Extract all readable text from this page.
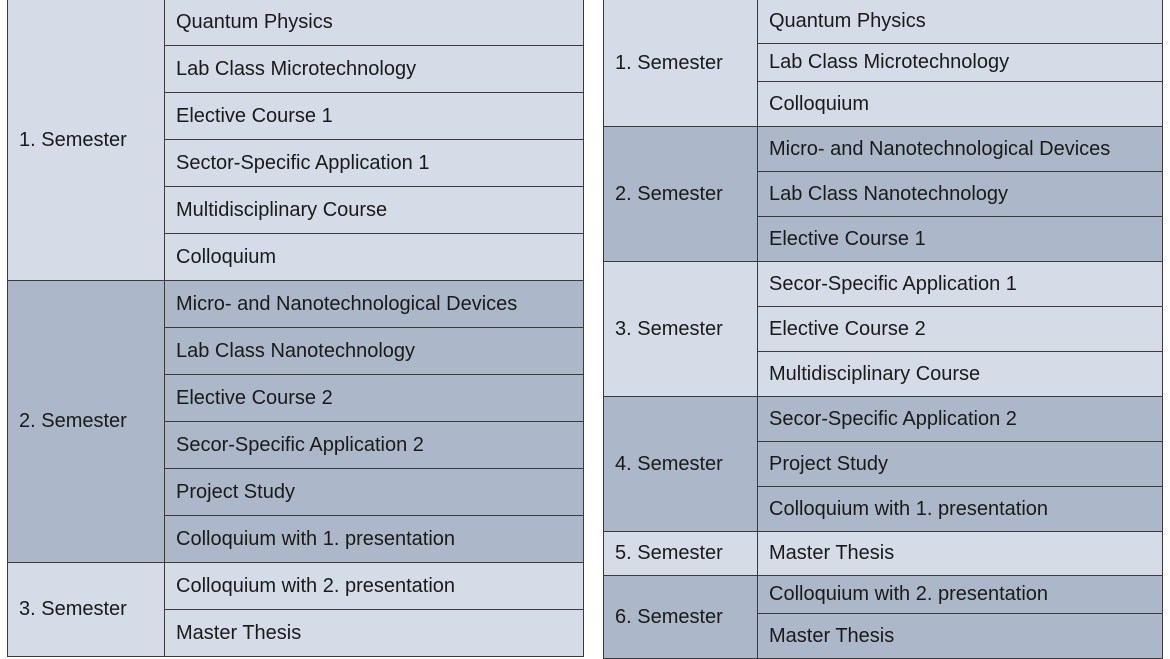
1. Semester	Quantum Physics
	Lab Class Microtechnology
	Elective Course 1
	Sector-Specific Application 1
	Multidisciplinary Course
	Colloquium
2. Semester	Micro- and Nanotechnological Devices
	Lab Class Nanotechnology
	Elective Course 2
	Secor-Specific Application 2
	Project Study
	Colloquium with 1. presentation
3. Semester	Colloquium with 2. presentation
	Master Thesis
1. Semester	Quantum Physics
	Lab Class Microtechnology
	Colloquium
2. Semester	Micro- and Nanotechnological Devices
	Lab Class Nanotechnology
	Elective Course 1
3. Semester	Secor-Specific Application 1
	Elective Course 2
	Multidisciplinary Course
4. Semester	Secor-Specific Application 2
	Project Study
	Colloquium with 1. presentation
5. Semester	Master Thesis
6. Semester	Colloquium with 2. presentation
	Master Thesis
